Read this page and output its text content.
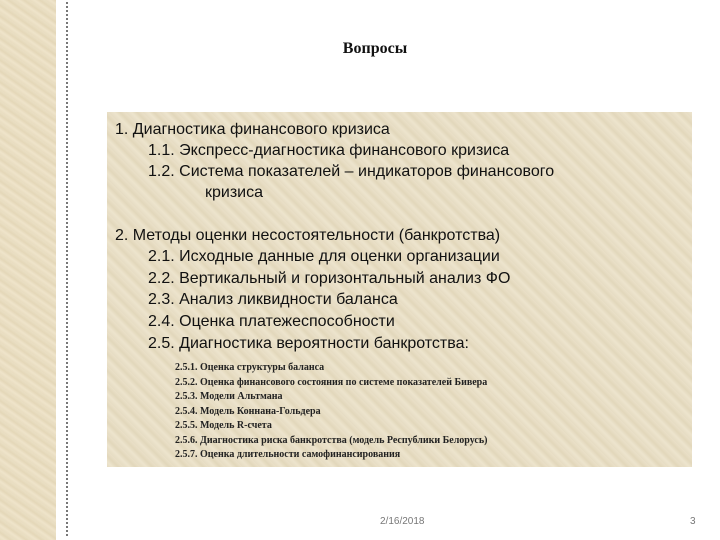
Вопросы
1. Диагностика финансового кризиса
1.1. Экспресс-диагностика финансового кризиса
1.2. Система показателей – индикаторов финансового
кризиса
2. Методы оценки несостоятельности (банкротства)
2.1. Исходные данные для оценки организации
2.2. Вертикальный и горизонтальный анализ ФО
2.3. Анализ ликвидности баланса
2.4. Оценка платежеспособности
2.5. Диагностика вероятности банкротства:
2.5.1. Оценка структуры баланса
2.5.2. Оценка финансового состояния по системе показателей Бивера
2.5.3. Модели Альтмана
2.5.4. Модель Коннана-Гольдера
2.5.5. Модель R-счета
2.5.6. Диагностика риска банкротства (модель Республики Белорусь)
2.5.7. Оценка длительности самофинансирования
2/16/2018	3
